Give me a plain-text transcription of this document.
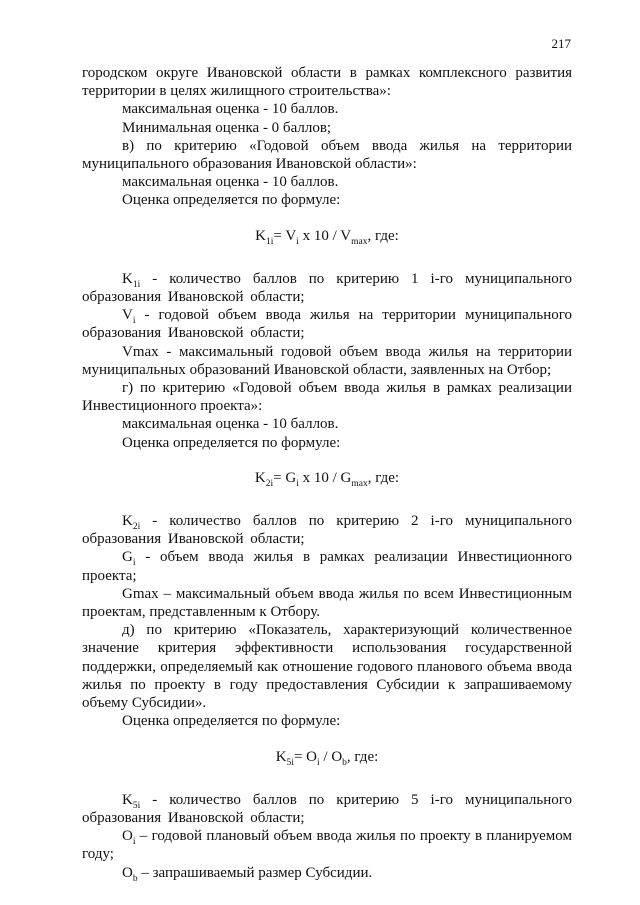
217

городском округе Ивановской области в рамках комплексного развития территории в целях жилищного строительства»:

максимальная оценка - 10 баллов.

Минимальная оценка - 0 баллов;

в) по критерию «Годовой объем ввода жилья на территории муниципального образования Ивановской области»:

максимальная оценка - 10 баллов.

Оценка определяется по формуле:

$K_{1i}= V_i$ x $10 / V_{max}$, где:

$K_{1i}$ - количество баллов по критерию 1 i-го муниципального образования Ивановской области;

$V_i$ - годовой объем ввода жилья на территории муниципального образования Ивановской области;

Vmax - максимальный годовой объем ввода жилья на территории муниципальных образований Ивановской области, заявленных на Отбор;

г) по критерию «Годовой объем ввода жилья в рамках реализации Инвестиционного проекта»:

максимальная оценка - 10 баллов.

Оценка определяется по формуле:

$K_{2i}= G_i$ x $10 / G_{max}$, где:

$K_{2i}$ - количество баллов по критерию 2 i-го муниципального образования Ивановской области;

$G_i$ - объем ввода жилья в рамках реализации Инвестиционного проекта;

Gmax – максимальный объем ввода жилья по всем Инвестиционным проектам, представленным к Отбору.

д) по критерию «Показатель, характеризующий количественное значение критерия эффективности использования государственной поддержки, определяемый как отношение годового планового объема ввода жилья по проекту в году предоставления Субсидии к запрашиваемому объему Субсидии».

Оценка определяется по формуле:

$K_{5i}= O_i / O_b$, где:

$K_{5i}$ - количество баллов по критерию 5 i-го муниципального образования Ивановской области;

$O_i$ – годовой плановый объем ввода жилья по проекту в планируемом году;

$O_b$ – запрашиваемый размер Субсидии.
